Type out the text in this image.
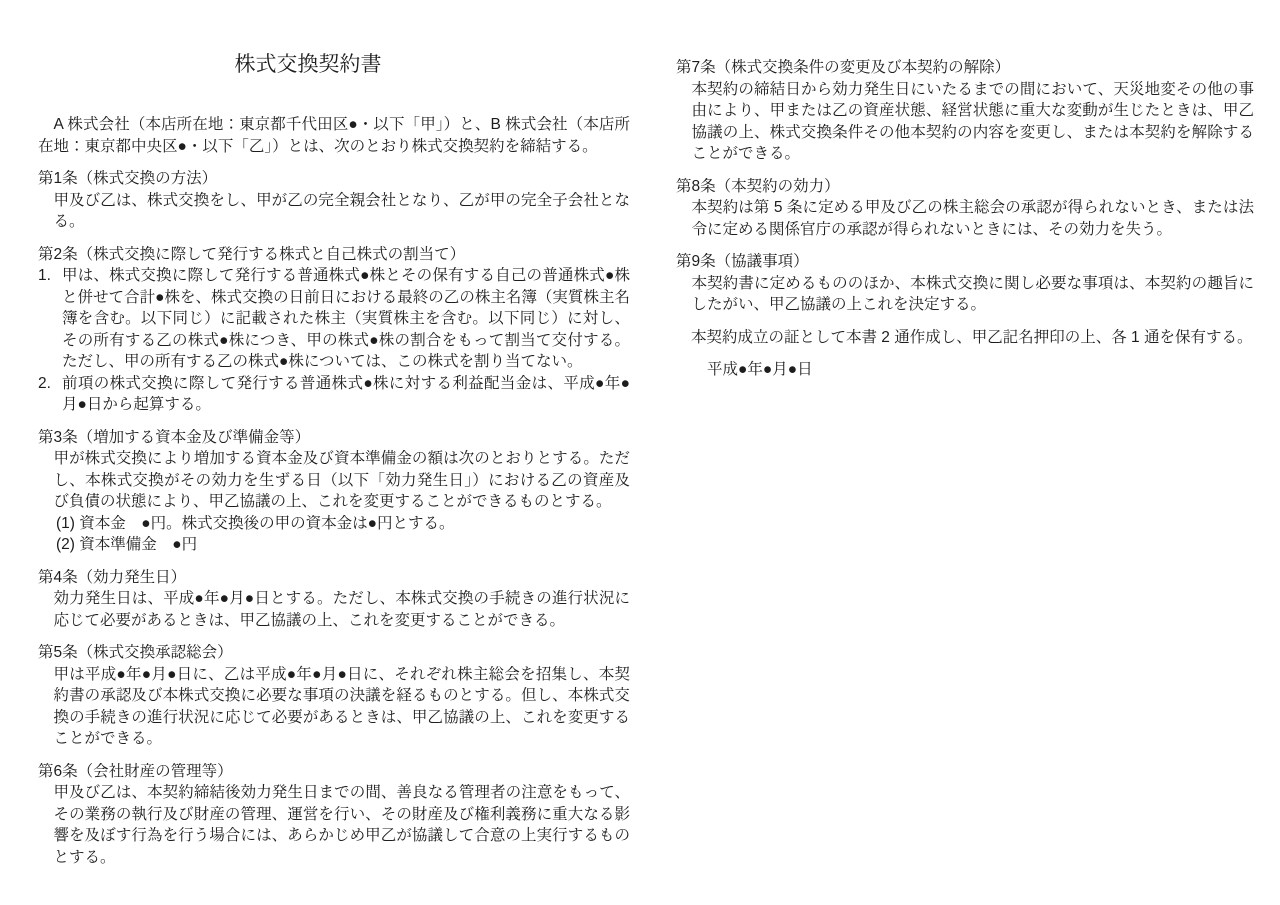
株式交換契約書

A 株式会社（本店所在地：東京都千代田区●・以下「甲」）と、B 株式会社（本店所在地：東京都中央区●・以下「乙」）とは、次のとおり株式交換契約を締結する。

第1条（株式交換の方法）

甲及び乙は、株式交換をし、甲が乙の完全親会社となり、乙が甲の完全子会社となる。

第2条（株式交換に際して発行する株式と自己株式の割当て）

1. 甲は、株式交換に際して発行する普通株式●株とその保有する自己の普通株式●株と併せて合計●株を、株式交換の日前日における最終の乙の株主名簿（実質株主名簿を含む。以下同じ）に記載された株主（実質株主を含む。以下同じ）に対し、その所有する乙の株式●株につき、甲の株式●株の割合をもって割当て交付する。ただし、甲の所有する乙の株式●株については、この株式を割り当てない。
2. 前項の株式交換に際して発行する普通株式●株に対する利益配当金は、平成●年●月●日から起算する。

第3条（増加する資本金及び準備金等）

甲が株式交換により増加する資本金及び資本準備金の額は次のとおりとする。ただし、本株式交換がその効力を生ずる日（以下「効力発生日」）における乙の資産及び負債の状態により、甲乙協議の上、これを変更することができるものとする。

(1) 資本金　●円。株式交換後の甲の資本金は●円とする。

(2) 資本準備金　●円

第4条（効力発生日）

効力発生日は、平成●年●月●日とする。ただし、本株式交換の手続きの進行状況に応じて必要があるときは、甲乙協議の上、これを変更することができる。

第5条（株式交換承認総会）

甲は平成●年●月●日に、乙は平成●年●月●日に、それぞれ株主総会を招集し、本契約書の承認及び本株式交換に必要な事項の決議を経るものとする。但し、本株式交換の手続きの進行状況に応じて必要があるときは、甲乙協議の上、これを変更することができる。

第6条（会社財産の管理等）

甲及び乙は、本契約締結後効力発生日までの間、善良なる管理者の注意をもって、その業務の執行及び財産の管理、運営を行い、その財産及び権利義務に重大なる影響を及ぼす行為を行う場合には、あらかじめ甲乙が協議して合意の上実行するものとする。

第7条（株式交換条件の変更及び本契約の解除）

本契約の締結日から効力発生日にいたるまでの間において、天災地変その他の事由により、甲または乙の資産状態、経営状態に重大な変動が生じたときは、甲乙協議の上、株式交換条件その他本契約の内容を変更し、または本契約を解除することができる。

第8条（本契約の効力）

本契約は第 5 条に定める甲及び乙の株主総会の承認が得られないとき、または法令に定める関係官庁の承認が得られないときには、その効力を失う。

第9条（協議事項）

本契約書に定めるもののほか、本株式交換に関し必要な事項は、本契約の趣旨にしたがい、甲乙協議の上これを決定する。

本契約成立の証として本書 2 通作成し、甲乙記名押印の上、各 1 通を保有する。

平成●年●月●日
